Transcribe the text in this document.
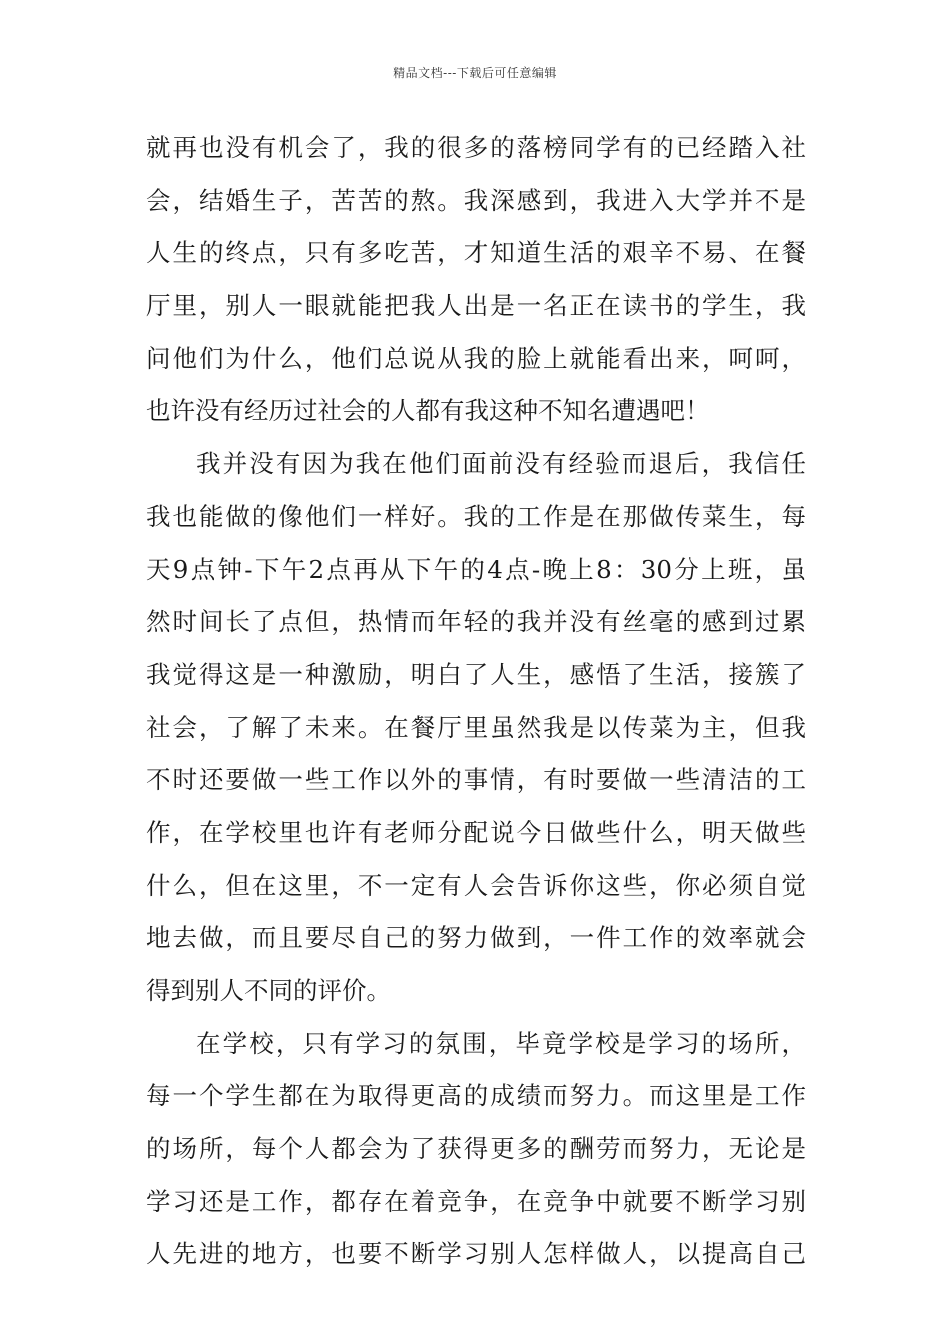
精品文档---下载后可任意编辑
就再也没有机会了，我的很多的落榜同学有的已经踏入社
会，结婚生子，苦苦的熬。我深感到，我进入大学并不是
人生的终点，只有多吃苦，才知道生活的艰辛不易、在餐
厅里，别人一眼就能把我人出是一名正在读书的学生，我
问他们为什么，他们总说从我的脸上就能看出来，呵呵，
也许没有经历过社会的人都有我这种不知名遭遇吧！
我并没有因为我在他们面前没有经验而退后，我信任
我也能做的像他们一样好。我的工作是在那做传菜生，每
天9点钟-下午2点再从下午的4点-晚上8：30分上班，虽
然时间长了点但，热情而年轻的我并没有丝毫的感到过累
我觉得这是一种激励，明白了人生，感悟了生活，接簇了
社会，了解了未来。在餐厅里虽然我是以传菜为主，但我
不时还要做一些工作以外的事情，有时要做一些清洁的工
作，在学校里也许有老师分配说今日做些什么，明天做些
什么，但在这里，不一定有人会告诉你这些，你必须自觉
地去做，而且要尽自己的努力做到，一件工作的效率就会
得到别人不同的评价。
在学校，只有学习的氛围，毕竟学校是学习的场所，
每一个学生都在为取得更高的成绩而努力。而这里是工作
的场所，每个人都会为了获得更多的酬劳而努力，无论是
学习还是工作，都存在着竞争，在竞争中就要不断学习别
人先进的地方，也要不断学习别人怎样做人，以提高自己
